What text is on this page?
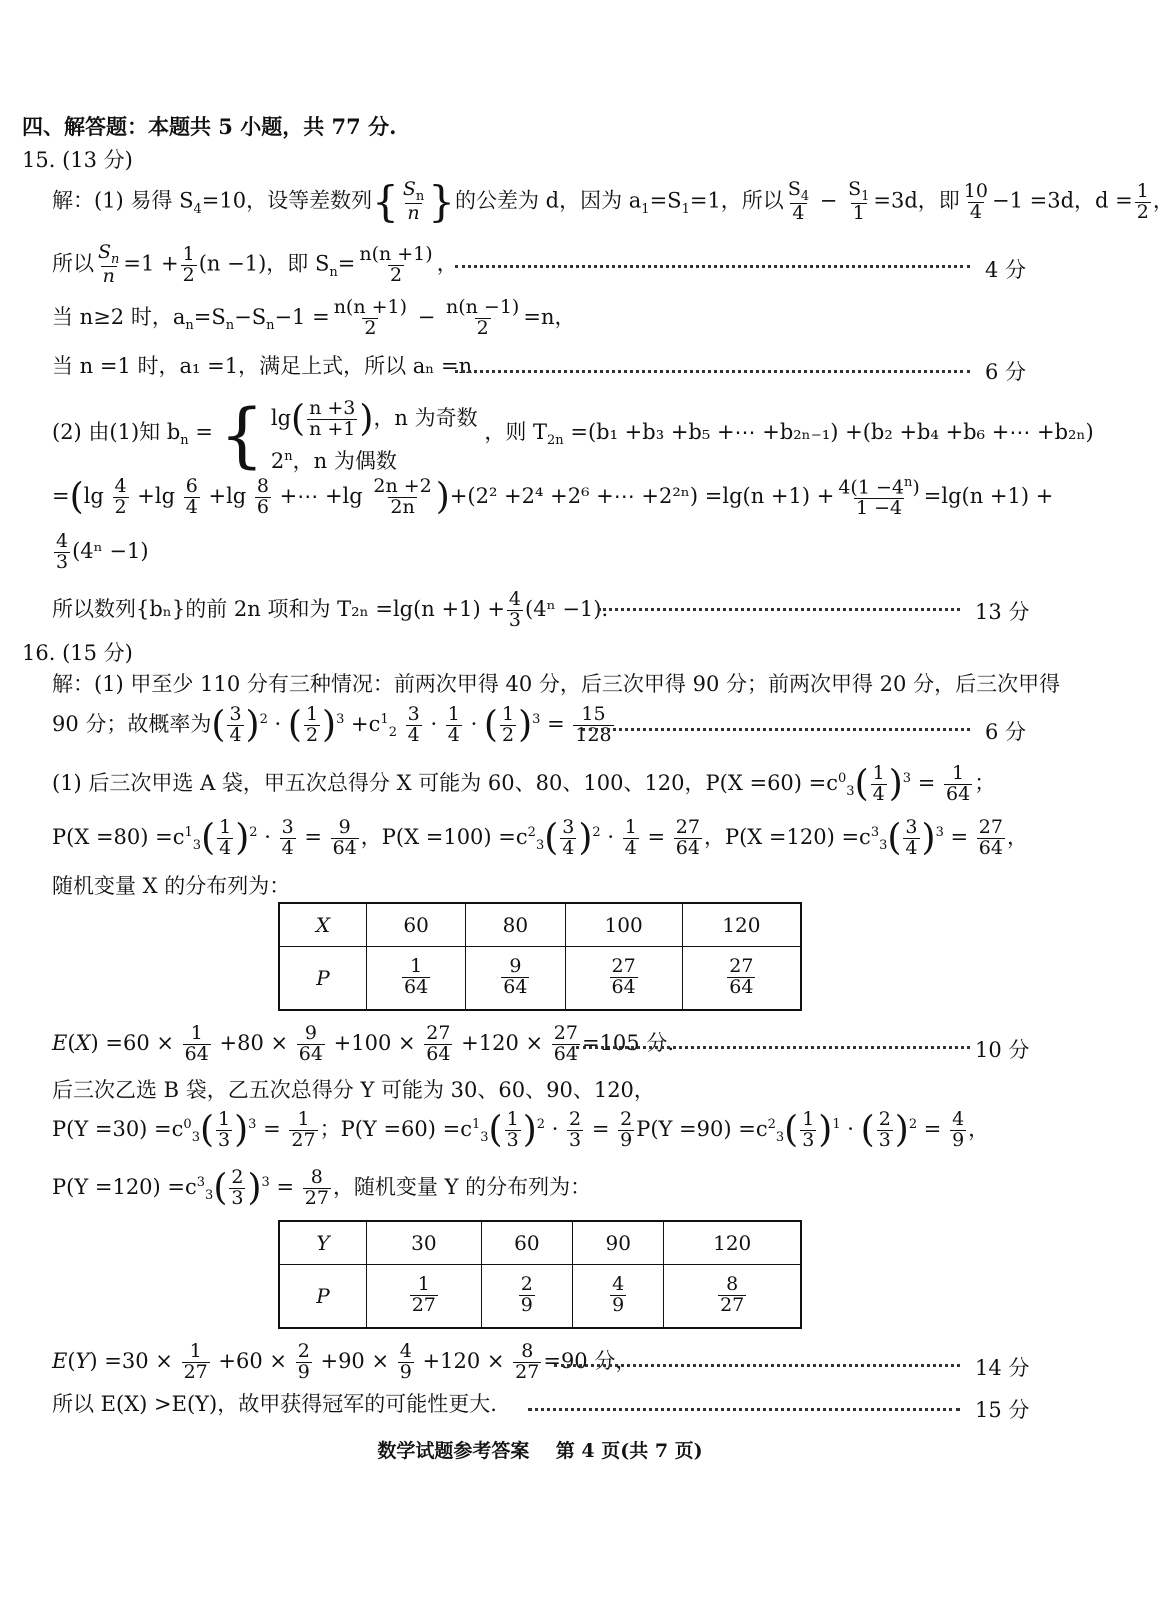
四、解答题：本题共 5 小题，共 77 分.
15. (13 分)
解：(1) 易得 $S_4=10$，设等差数列{ $\frac{S_n}{n}$ }的公差为 d，因为 $a_1=S_1=1$，所以 $\frac{S_4}{4} - \frac{S_1}{1} =3d$，即 $\frac{10}{4} -1 =3d$，$d = \frac{1}{2}$ ，
所以 $\frac{S_n}{n} =1 + \frac{1}{2} (n -1)$，即 $S_n= \frac{n(n +1)}{2}$ ，	4 分
当 n≥2 时，$a_n=S_n-S_n-1 = \frac{n(n +1)}{2} - \frac{n(n -1)}{2} =n$，
当 n =1 时，a₁ =1，满足上式，所以 aₙ =n.	6 分
(2) 由(1)知 $b_n$ = { $\lg( \frac{n +3}{n +1}$ )，n 为奇数
2$^n$，n 为偶数 ，则 $T_{2n} =(b_1 +b_3 +b_5$ +⋯ +b₂ₙ₋₁) +(b₂ +b₄ +b₆ +⋯ +b₂ₙ)
$=(\lg \frac{4}{2} +\lg \frac{6}{4} +\lg \frac{8}{6}$ +⋯ $+\lg \frac{2n +2}{2n} )+(2^2 +2^4 +2^6$ +⋯ $+2^{2n}) =\lg(n +1) + \frac{4(1 -4^n)}{1 -4} =\lg(n +1)$ +
$\frac{4}{3} (4^n -1)$
所以数列{bₙ}的前 2n 项和为 $T_{2n} =\lg(n +1) + \frac{4}{3} (4^n -1)$.	13 分
16. (15 分)
解：(1) 甲至少 110 分有三种情况：前两次甲得 40 分，后三次甲得 90 分；前两次甲得 20 分，后三次甲得
90 分；故概率为( $\frac{3}{4} )^2$ · ( $\frac{1}{2} )^3 +c^1_2 \frac{3}{4} \cdot \frac{1}{4}$ · ( $\frac{1}{2} )^3 = \frac{15}{128}$	6 分
(1) 后三次甲选 A 袋，甲五次总得分 X 可能为 60、80、100、120，$P(X =60) =c^0_3( \frac{1}{4} )^3 = \frac{1}{64}$ ；
$P(X =80) =c^1_3( \frac{1}{4} )^2 \cdot \frac{3}{4} = \frac{9}{64}$ ，$P(X =100) =c^2_3( \frac{3}{4} )^2 \cdot \frac{1}{4} = \frac{27}{64}$ ，$P(X =120) =c^3_3( \frac{3}{4} )^3 = \frac{27}{64}$ ，
随机变量 X 的分布列为：
X	60	80	100	120
P	$\frac{1}{64}$	$\frac{9}{64}$	$\frac{27}{64}$	$\frac{27}{64}$
$E(X) =60 \times \frac{1}{64} +80 \times \frac{9}{64} +100 \times \frac{27}{64} +120 \times \frac{27}{64} =105$ 分.	10 分
后三次乙选 B 袋，乙五次总得分 Y 可能为 30、60、90、120，
$P(Y =30) =c^0_3( \frac{1}{3} )^3 = \frac{1}{27}$ ；$P(Y =60) =c^1_3( \frac{1}{3} )^2 \cdot \frac{2}{3} = \frac{2}{9} P(Y =90) =c^2_3( \frac{1}{3} )^1$ · ( $\frac{2}{3} )^2 = \frac{4}{9}$ ，
$P(Y =120) =c^3_3( \frac{2}{3} )^3 = \frac{8}{27}$ ，随机变量 Y 的分布列为：
Y	30	60	90	120
P	$\frac{1}{27}$	$\frac{2}{9}$	$\frac{4}{9}$	$\frac{8}{27}$
$E(Y) =30 \times \frac{1}{27} +60 \times \frac{2}{9} +90 \times \frac{4}{9} +120 \times \frac{8}{27} =90$ 分，	14 分
所以 E(X) >E(Y)，故甲获得冠军的可能性更大.	15 分
数学试题参考答案    第 4 页(共 7 页)
